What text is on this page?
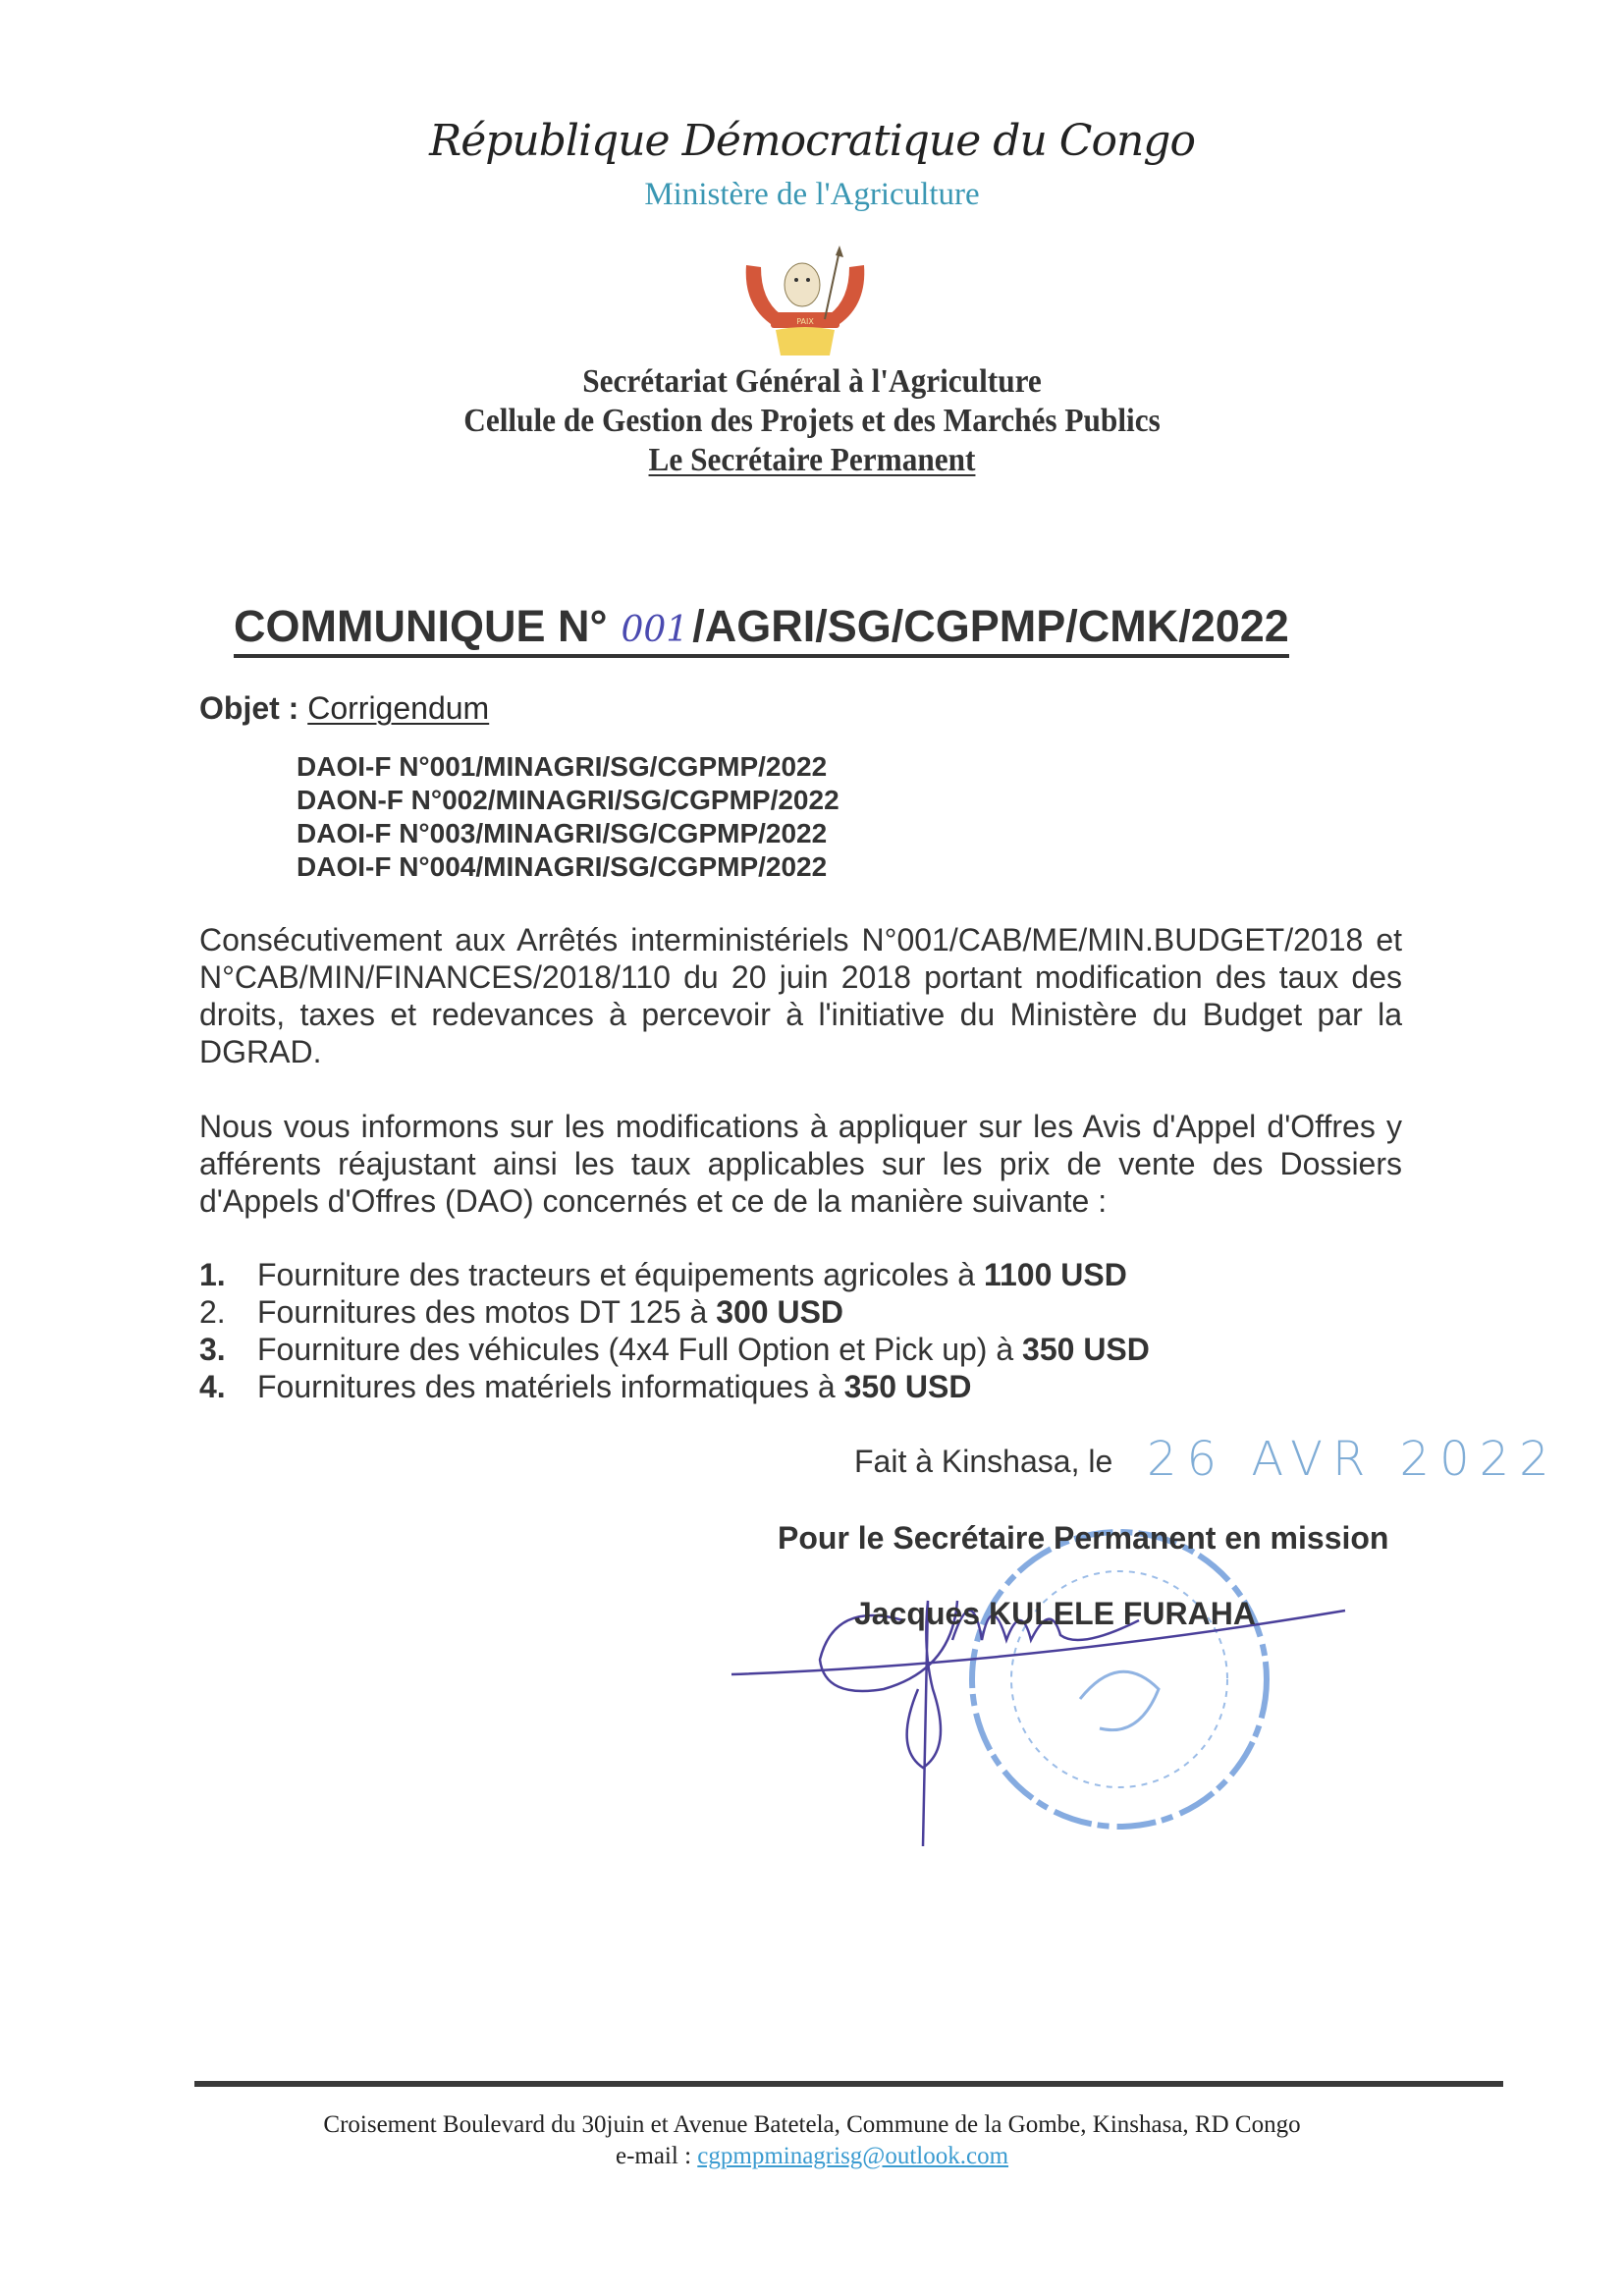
République Démocratique du Congo
Ministère de l'Agriculture
PAIX
Secrétariat Général à l'Agriculture
Cellule de Gestion des Projets et des Marchés Publics
Le Secrétaire Permanent
COMMUNIQUE N° 001/AGRI/SG/CGPMP/CMK/2022
Objet : Corrigendum
DAOI-F N°001/MINAGRI/SG/CGPMP/2022
DAON-F N°002/MINAGRI/SG/CGPMP/2022
DAOI-F N°003/MINAGRI/SG/CGPMP/2022
DAOI-F N°004/MINAGRI/SG/CGPMP/2022
Consécutivement aux Arrêtés interministériels N°001/CAB/ME/MIN.BUDGET/2018 et N°CAB/MIN/FINANCES/2018/110 du 20 juin 2018 portant modification des taux des droits, taxes et redevances à percevoir à l'initiative du Ministère du Budget par la DGRAD.
Nous vous informons sur les modifications à appliquer sur les Avis d'Appel d'Offres y afférents réajustant ainsi les taux applicables sur les prix de vente des Dossiers d'Appels d'Offres (DAO) concernés et ce de la manière suivante :
1. Fourniture des tracteurs et équipements agricoles à 1100 USD
2. Fournitures des motos DT 125 à 300 USD
3. Fourniture des véhicules (4x4 Full Option et Pick up) à 350 USD
4. Fournitures des matériels informatiques à 350 USD
Fait à Kinshasa, le 26 AVR 2022
Pour le Secrétaire Permanent en mission
Jacques KULELE FURAHA
Croisement Boulevard du 30juin et Avenue Batetela, Commune de la Gombe, Kinshasa, RD Congo
e-mail : cgpmpminagrisg@outlook.com
